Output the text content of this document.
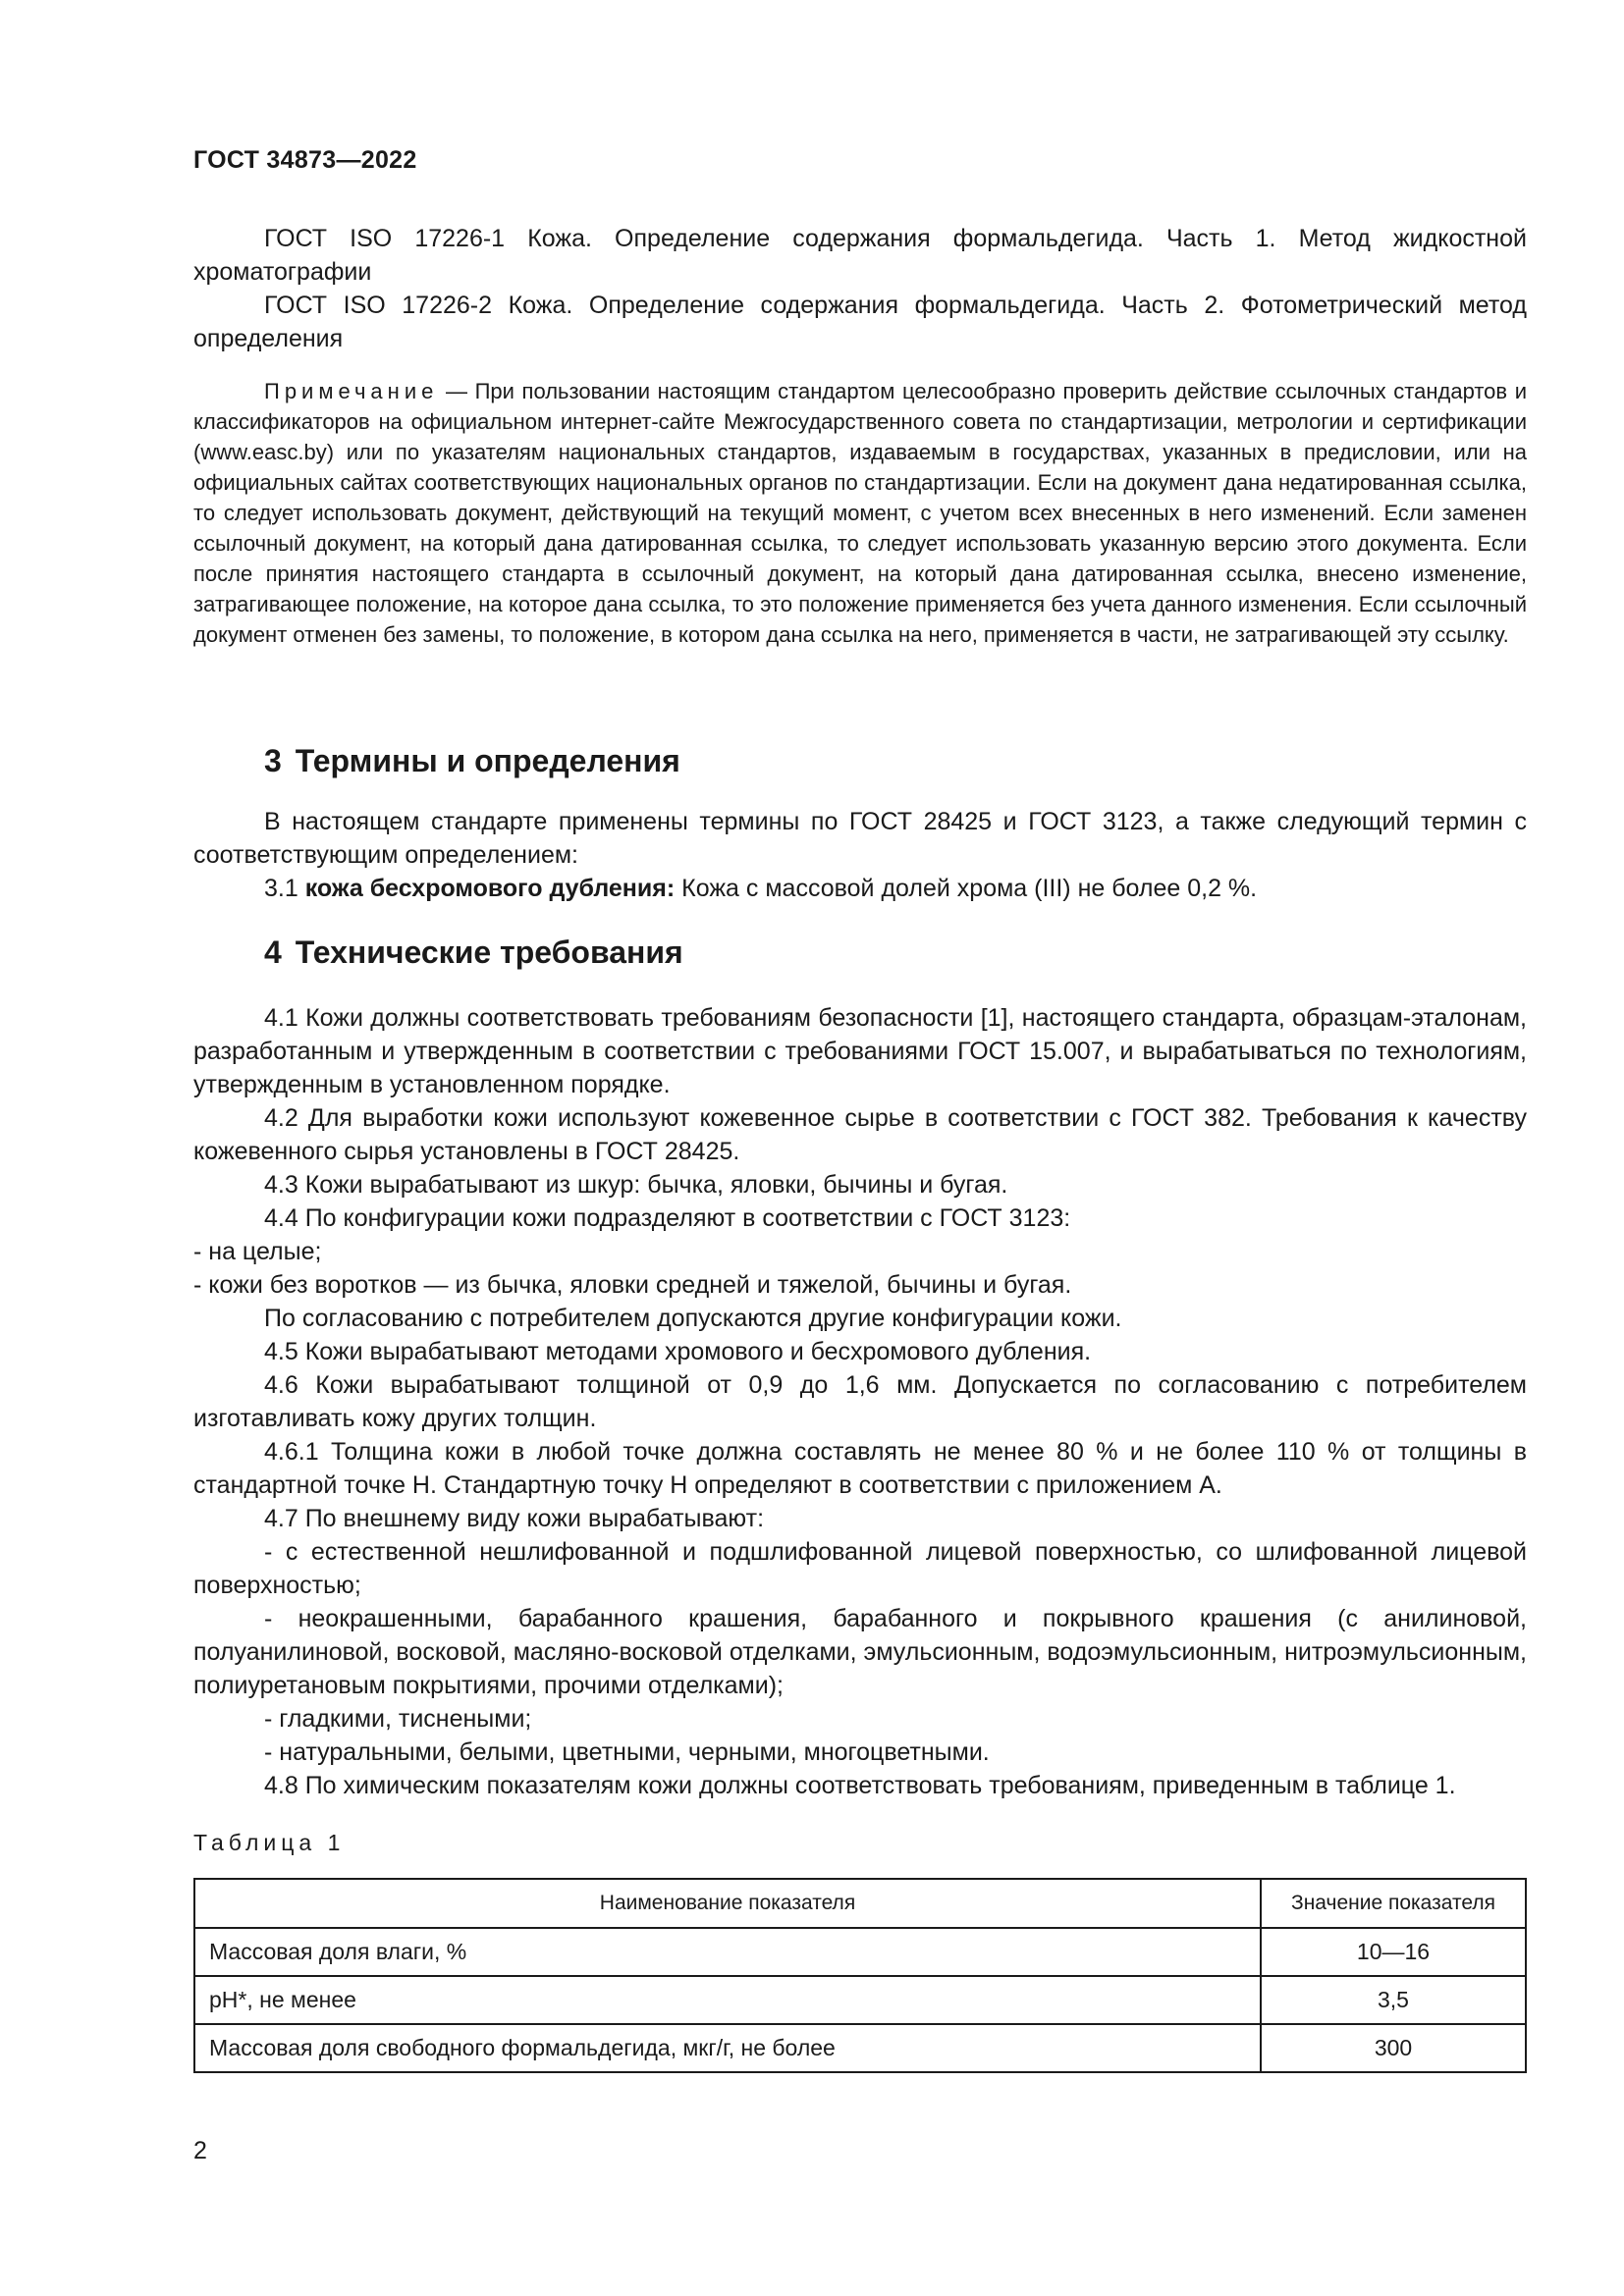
ГОСТ 34873—2022

ГОСТ ISO 17226-1 Кожа. Определение содержания формальдегида. Часть 1. Метод жидкостной хроматографии

ГОСТ ISO 17226-2 Кожа. Определение содержания формальдегида. Часть 2. Фотометрический метод определения

Примечание — При пользовании настоящим стандартом целесообразно проверить действие ссылочных стандартов и классификаторов на официальном интернет-сайте Межгосударственного совета по стандартизации, метрологии и сертификации (www.easc.by) или по указателям национальных стандартов, издаваемым в государствах, указанных в предисловии, или на официальных сайтах соответствующих национальных органов по стандартизации. Если на документ дана недатированная ссылка, то следует использовать документ, действующий на текущий момент, с учетом всех внесенных в него изменений. Если заменен ссылочный документ, на который дана датированная ссылка, то следует использовать указанную версию этого документа. Если после принятия настоящего стандарта в ссылочный документ, на который дана датированная ссылка, внесено изменение, затрагивающее положение, на которое дана ссылка, то это положение применяется без учета данного изменения. Если ссылочный документ отменен без замены, то положение, в котором дана ссылка на него, применяется в части, не затрагивающей эту ссылку.

3 Термины и определения

В настоящем стандарте применены термины по ГОСТ 28425 и ГОСТ 3123, а также следующий термин с соответствующим определением:

3.1 кожа бесхромового дубления: Кожа с массовой долей хрома (III) не более 0,2 %.

4 Технические требования

4.1 Кожи должны соответствовать требованиям безопасности [1], настоящего стандарта, образцам-эталонам, разработанным и утвержденным в соответствии с требованиями ГОСТ 15.007, и вырабатываться по технологиям, утвержденным в установленном порядке.

4.2 Для выработки кожи используют кожевенное сырье в соответствии с ГОСТ 382. Требования к качеству кожевенного сырья установлены в ГОСТ 28425.

4.3 Кожи вырабатывают из шкур: бычка, яловки, бычины и бугая.

4.4 По конфигурации кожи подразделяют в соответствии с ГОСТ 3123:

- на целые;

- кожи без воротков — из бычка, яловки средней и тяжелой, бычины и бугая.

По согласованию с потребителем допускаются другие конфигурации кожи.

4.5 Кожи вырабатывают методами хромового и бесхромового дубления.

4.6 Кожи вырабатывают толщиной от 0,9 до 1,6 мм. Допускается по согласованию с потребителем изготавливать кожу других толщин.

4.6.1 Толщина кожи в любой точке должна составлять не менее 80 % и не более 110 % от толщины в стандартной точке Н. Стандартную точку Н определяют в соответствии с приложением А.

4.7 По внешнему виду кожи вырабатывают:

- с естественной нешлифованной и подшлифованной лицевой поверхностью, со шлифованной лицевой поверхностью;

- неокрашенными, барабанного крашения, барабанного и покрывного крашения (с анилиновой, полуанилиновой, восковой, масляно-восковой отделками, эмульсионным, водоэмульсионным, нитроэмульсионным, полиуретановым покрытиями, прочими отделками);

- гладкими, тиснеными;

- натуральными, белыми, цветными, черными, многоцветными.

4.8 По химическим показателям кожи должны соответствовать требованиям, приведенным в таблице 1.

Таблица 1
Наименование показателя	Значение показателя
Массовая доля влаги, %	10—16
pH*, не менее	3,5
Массовая доля свободного формальдегида, мкг/г, не более	300
2
